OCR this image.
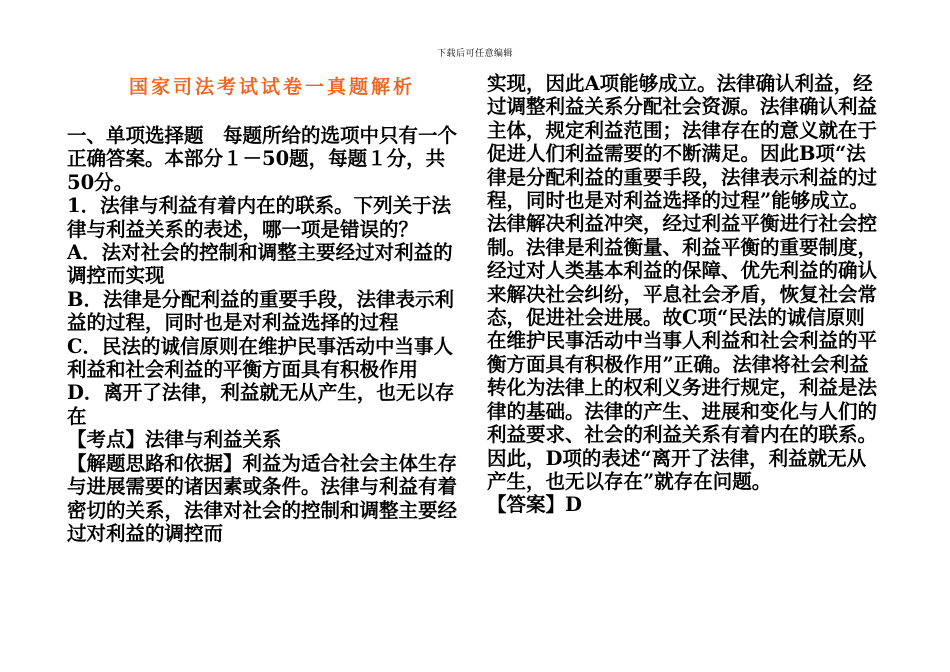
下载后可任意编辑
国家司法考试试卷一真题解析

一、单项选择题　每题所给的选项中只有一个正确答案。本部分１－50题，每题１分，共50分。

1．法律与利益有着内在的联系。下列关于法律与利益关系的表述，哪一项是错误的？

A．法对社会的控制和调整主要经过对利益的调控而实现

B．法律是分配利益的重要手段，法律表示利益的过程，同时也是对利益选择的过程

C．民法的诚信原则在维护民事活动中当事人利益和社会利益的平衡方面具有积极作用

D．离开了法律，利益就无从产生，也无以存在

【考点】法律与利益关系

【解题思路和依据】利益为适合社会主体生存与进展需要的诸因素或条件。法律与利益有着密切的关系，法律对社会的控制和调整主要经过对利益的调控而

实现，因此A项能够成立。法律确认利益，经过调整利益关系分配社会资源。法律确认利益主体，规定利益范围；法律存在的意义就在于促进人们利益需要的不断满足。因此B项“法律是分配利益的重要手段，法律表示利益的过程，同时也是对利益选择的过程”能够成立。法律解决利益冲突，经过利益平衡进行社会控制。法律是利益衡量、利益平衡的重要制度，经过对人类基本利益的保障、优先利益的确认来解决社会纠纷，平息社会矛盾，恢复社会常态，促进社会进展。故C项“民法的诚信原则在维护民事活动中当事人利益和社会利益的平衡方面具有积极作用”正确。法律将社会利益转化为法律上的权利义务进行规定，利益是法律的基础。法律的产生、进展和变化与人们的利益要求、社会的利益关系有着内在的联系。因此，D项的表述“离开了法律，利益就无从产生，也无以存在”就存在问题。

【答案】D
